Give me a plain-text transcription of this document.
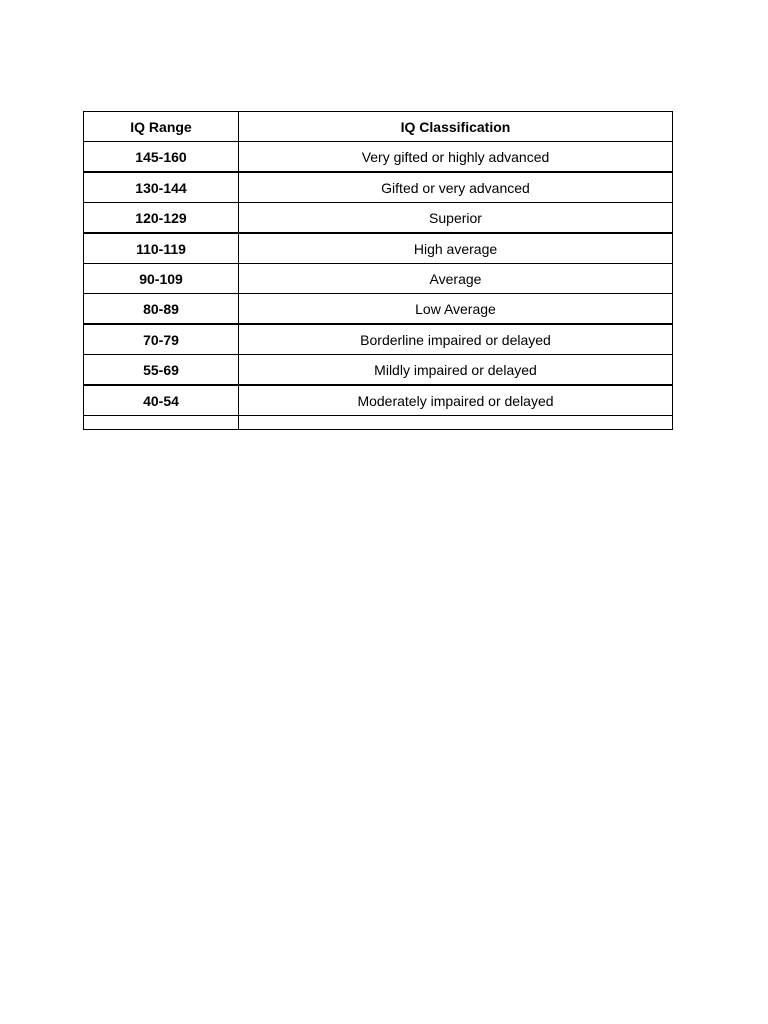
IQ Range	IQ Classification
145-160	Very gifted or highly advanced
130-144	Gifted or very advanced
120-129	Superior
110-119	High average
90-109	Average
80-89	Low Average
70-79	Borderline impaired or delayed
55-69	Mildly impaired or delayed
40-54	Moderately impaired or delayed
